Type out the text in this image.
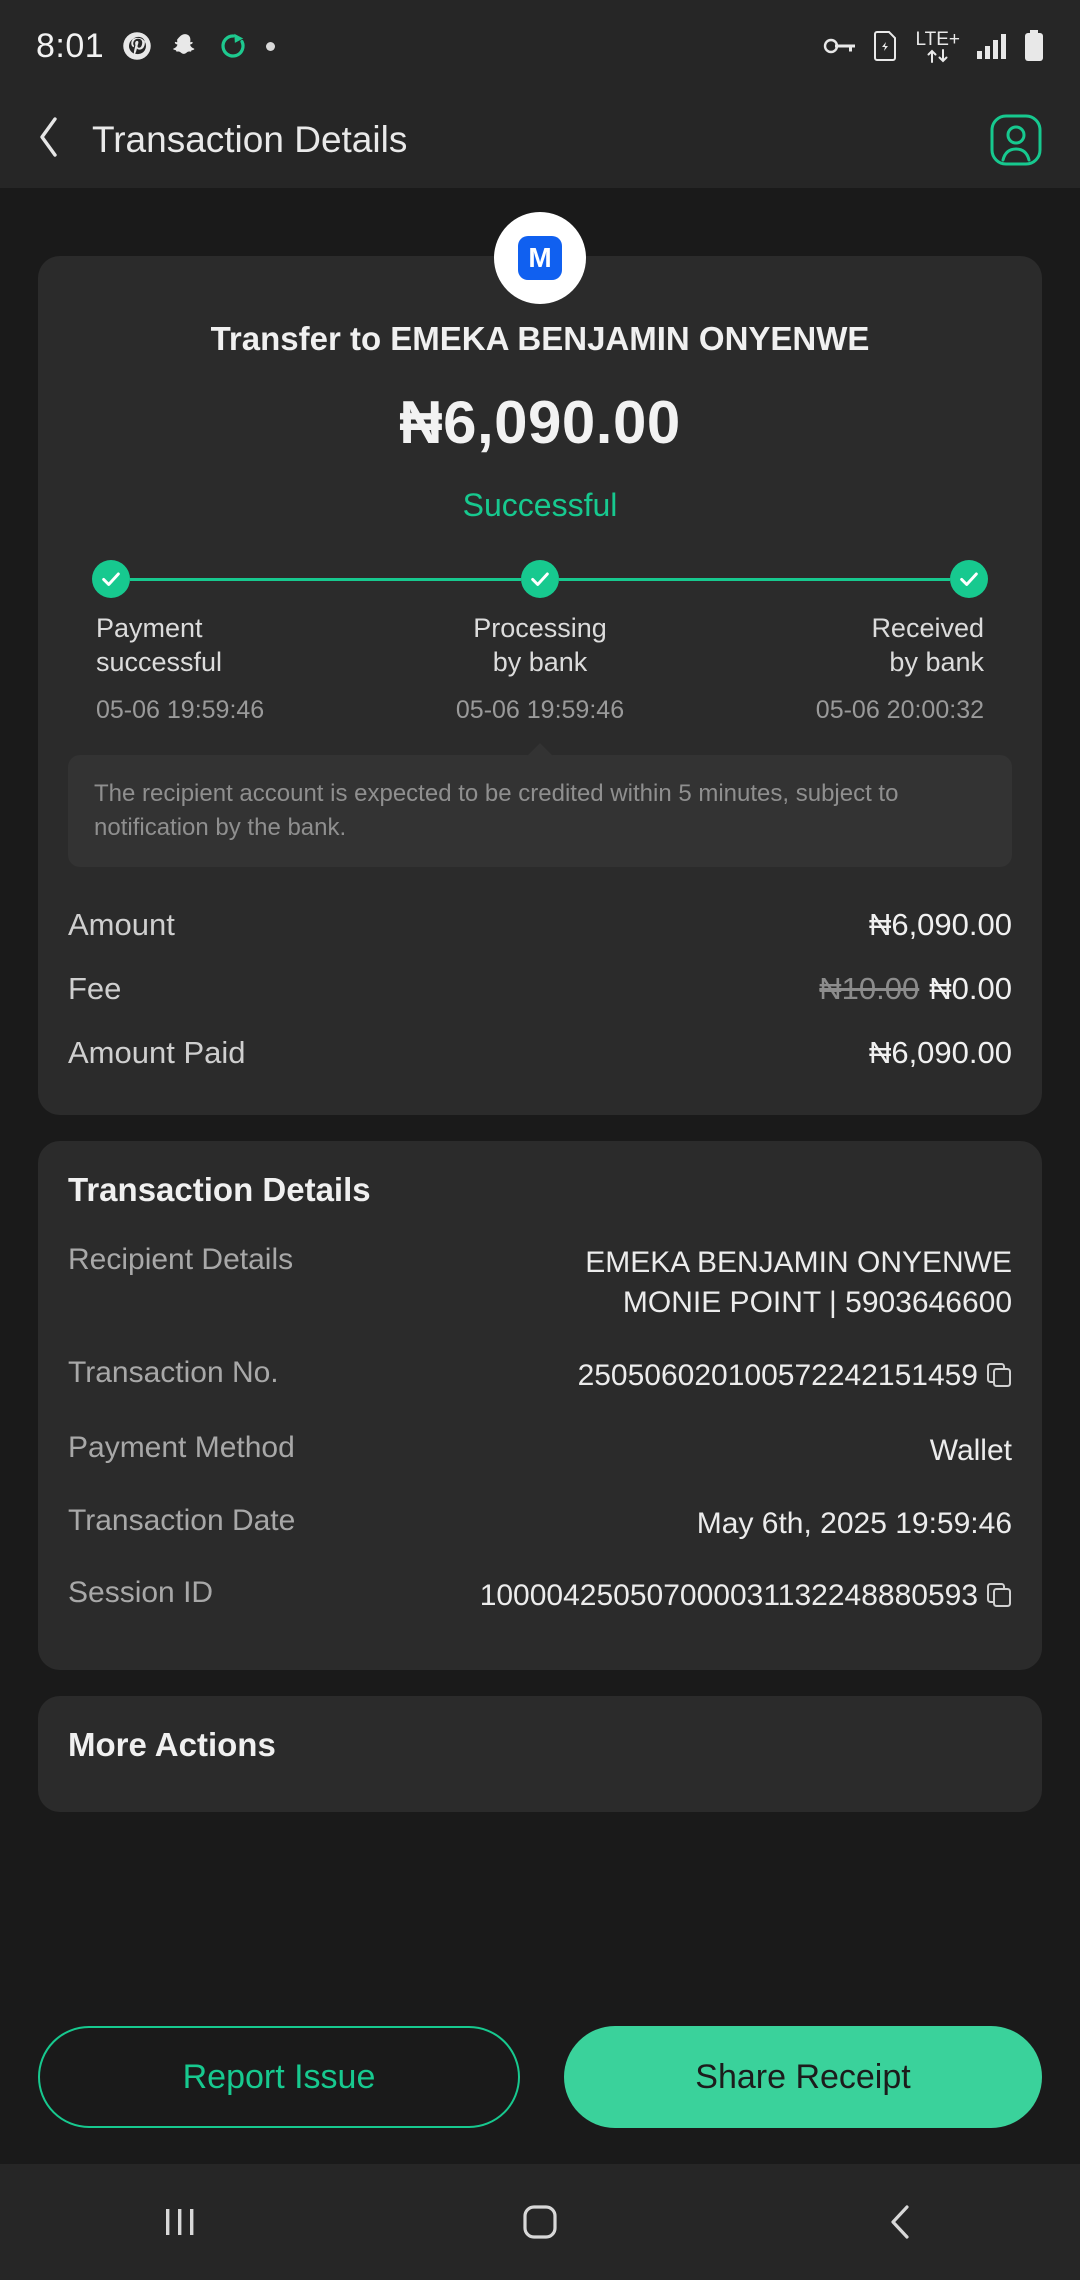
8:01	LTE+
Transaction Details
M
Transfer to EMEKA BENJAMIN ONYENWE
₦6,090.00
Successful
Payment
successful
05-06 19:59:46
Processing
by bank
05-06 19:59:46
Received
by bank
05-06 20:00:32
The recipient account is expected to be credited within 5 minutes, subject to notification by the bank.
Amount	₦6,090.00
Fee	₦10.00 ₦0.00
Amount Paid	₦6,090.00
Transaction Details
Recipient Details	EMEKA BENJAMIN ONYENWE
MONIE POINT | 5903646600
Transaction No.	250506020100572242151459
Payment Method	Wallet
Transaction Date	May 6th, 2025 19:59:46
Session ID	100004250507000031132248880593
More Actions
Report Issue	Share Receipt
